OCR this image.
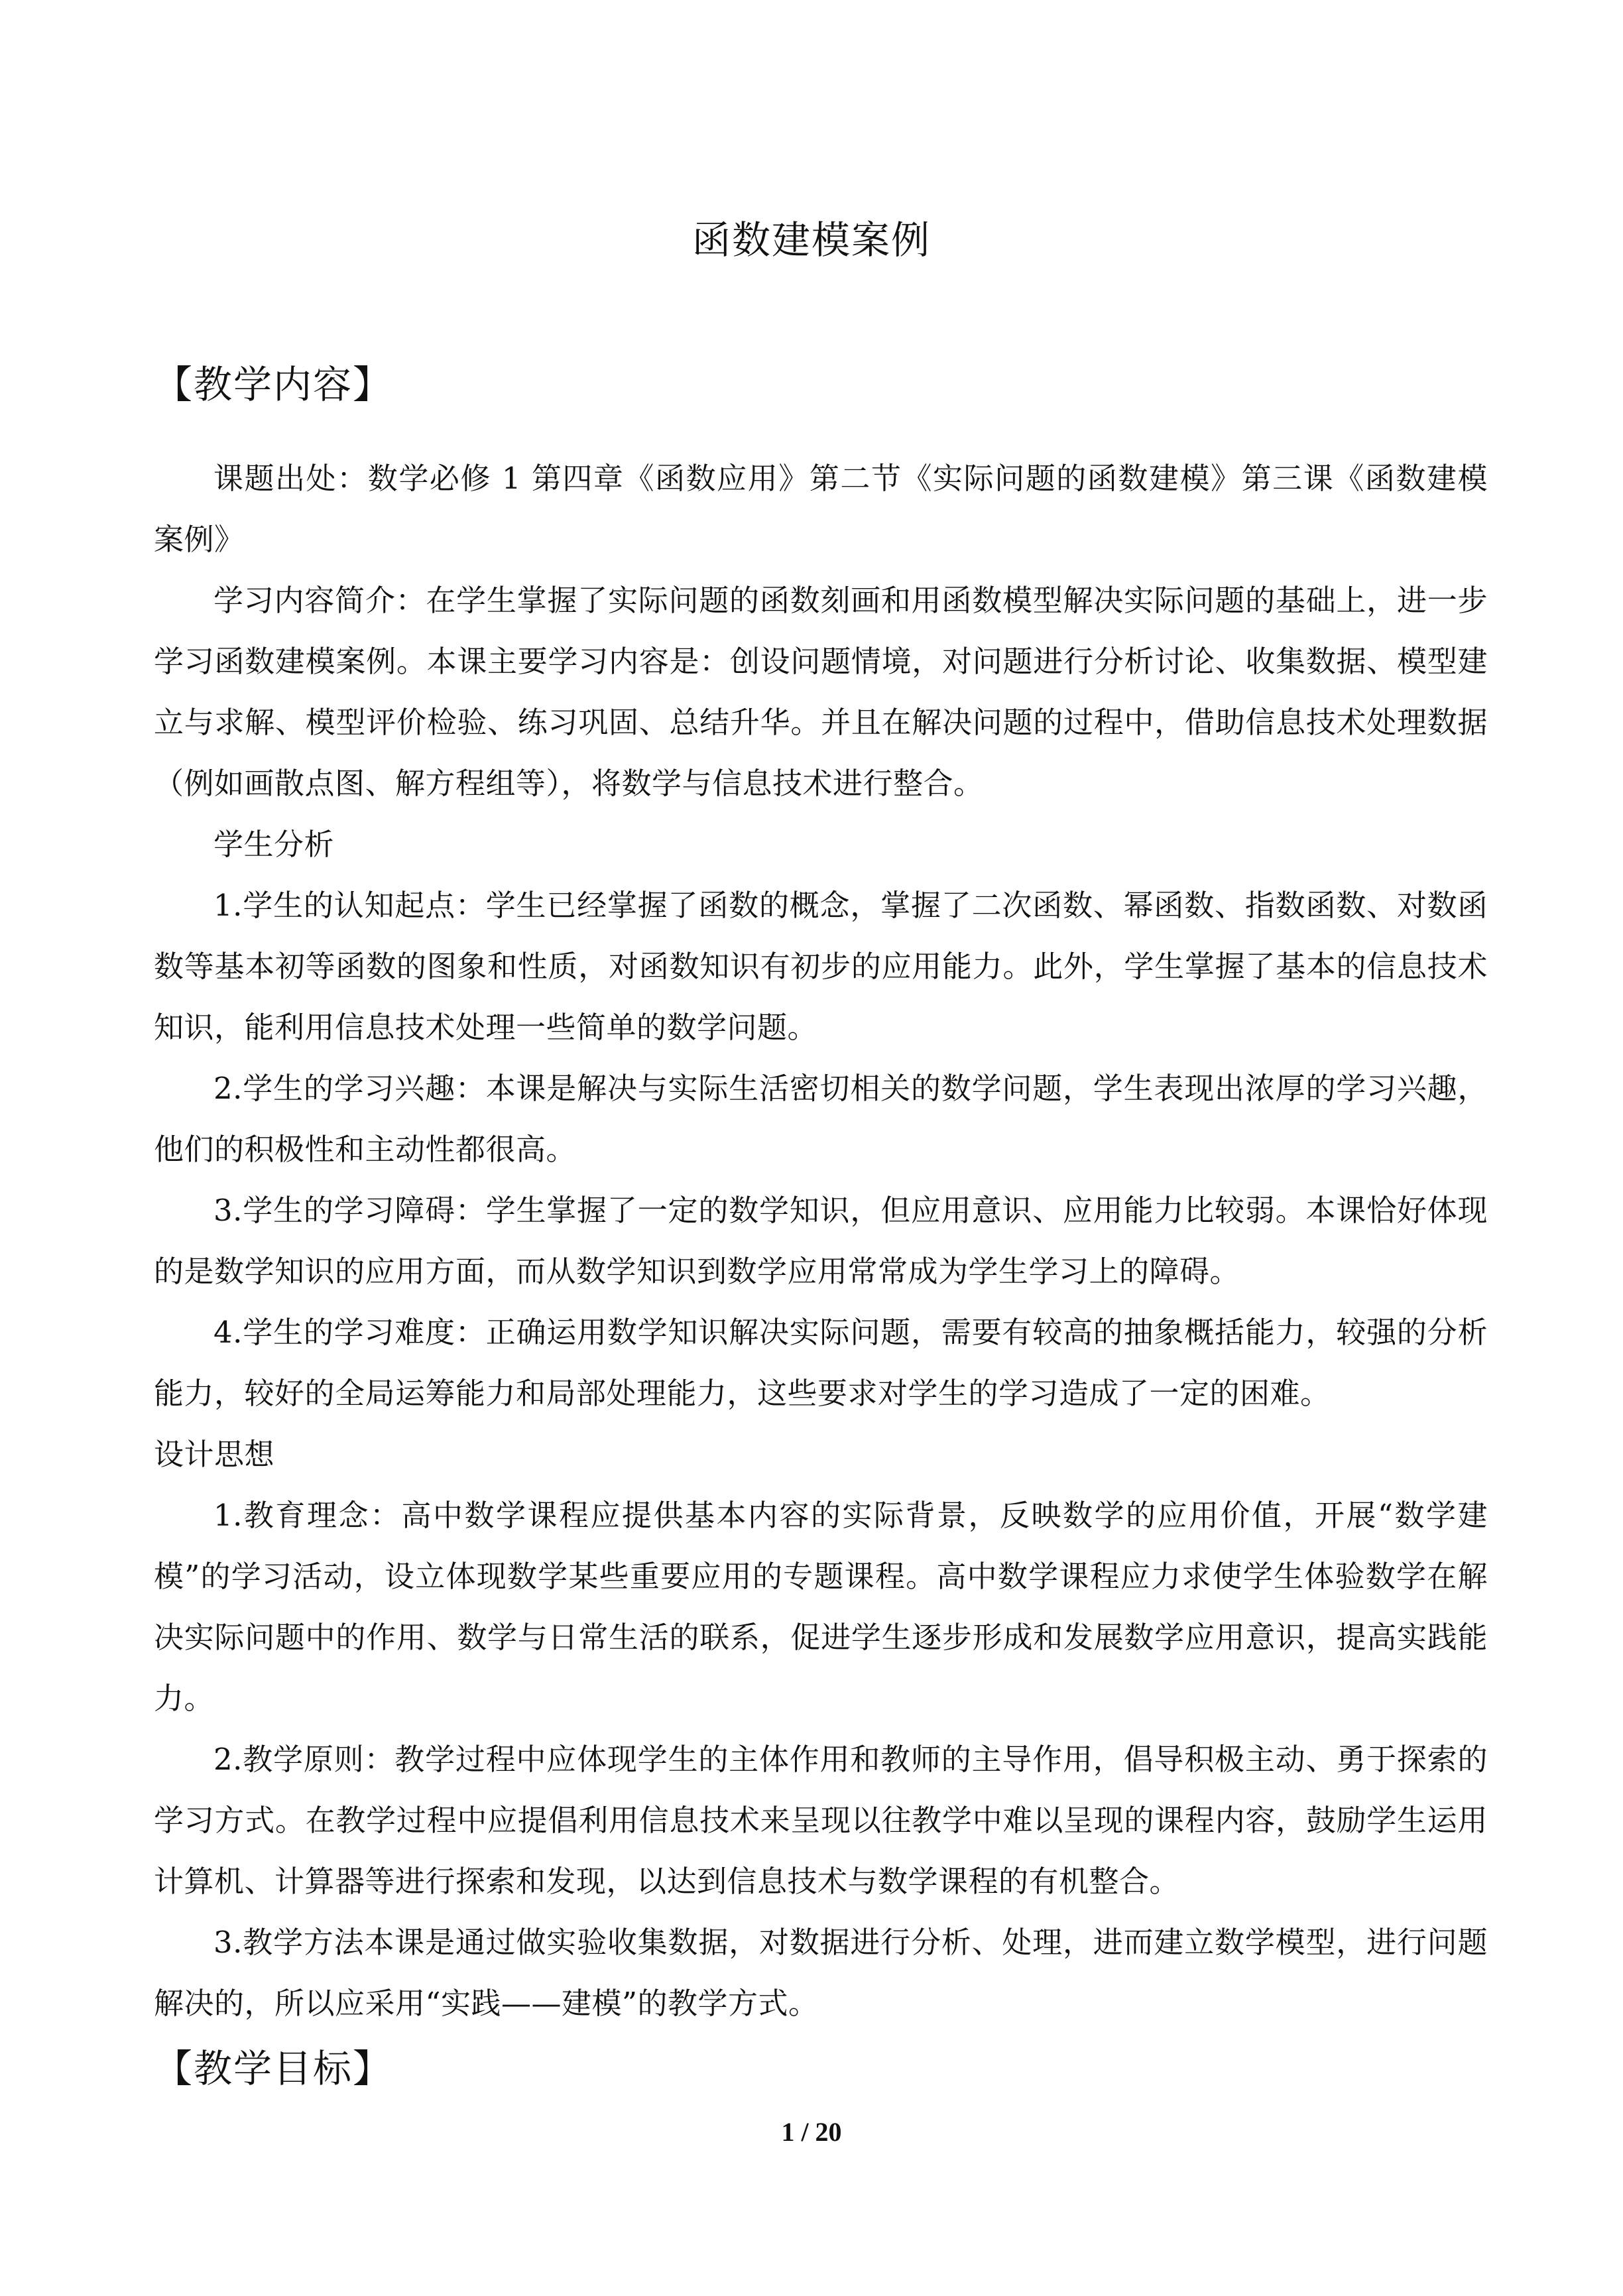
函数建模案例
【教学内容】

课题出处：数学必修 1 第四章《函数应用》第二节《实际问题的函数建模》第三课《函数建模案例》

学习内容简介：在学生掌握了实际问题的函数刻画和用函数模型解决实际问题的基础上，进一步学习函数建模案例。本课主要学习内容是：创设问题情境，对问题进行分析讨论、收集数据、模型建立与求解、模型评价检验、练习巩固、总结升华。并且在解决问题的过程中，借助信息技术处理数据（例如画散点图、解方程组等），将数学与信息技术进行整合。

学生分析

1.学生的认知起点：学生已经掌握了函数的概念，掌握了二次函数、幂函数、指数函数、对数函数等基本初等函数的图象和性质，对函数知识有初步的应用能力。此外，学生掌握了基本的信息技术知识，能利用信息技术处理一些简单的数学问题。

2.学生的学习兴趣：本课是解决与实际生活密切相关的数学问题，学生表现出浓厚的学习兴趣，他们的积极性和主动性都很高。

3.学生的学习障碍：学生掌握了一定的数学知识，但应用意识、应用能力比较弱。本课恰好体现的是数学知识的应用方面，而从数学知识到数学应用常常成为学生学习上的障碍。

4.学生的学习难度：正确运用数学知识解决实际问题，需要有较高的抽象概括能力，较强的分析能力，较好的全局运筹能力和局部处理能力，这些要求对学生的学习造成了一定的困难。

设计思想

1.教育理念：高中数学课程应提供基本内容的实际背景，反映数学的应用价值，开展“数学建模”的学习活动，设立体现数学某些重要应用的专题课程。高中数学课程应力求使学生体验数学在解决实际问题中的作用、数学与日常生活的联系，促进学生逐步形成和发展数学应用意识，提高实践能力。

2.教学原则：教学过程中应体现学生的主体作用和教师的主导作用，倡导积极主动、勇于探索的学习方式。在教学过程中应提倡利用信息技术来呈现以往教学中难以呈现的课程内容，鼓励学生运用计算机、计算器等进行探索和发现，以达到信息技术与数学课程的有机整合。

3.教学方法本课是通过做实验收集数据，对数据进行分析、处理，进而建立数学模型，进行问题解决的，所以应采用“实践——建模”的教学方式。

【教学目标】
1 / 20
